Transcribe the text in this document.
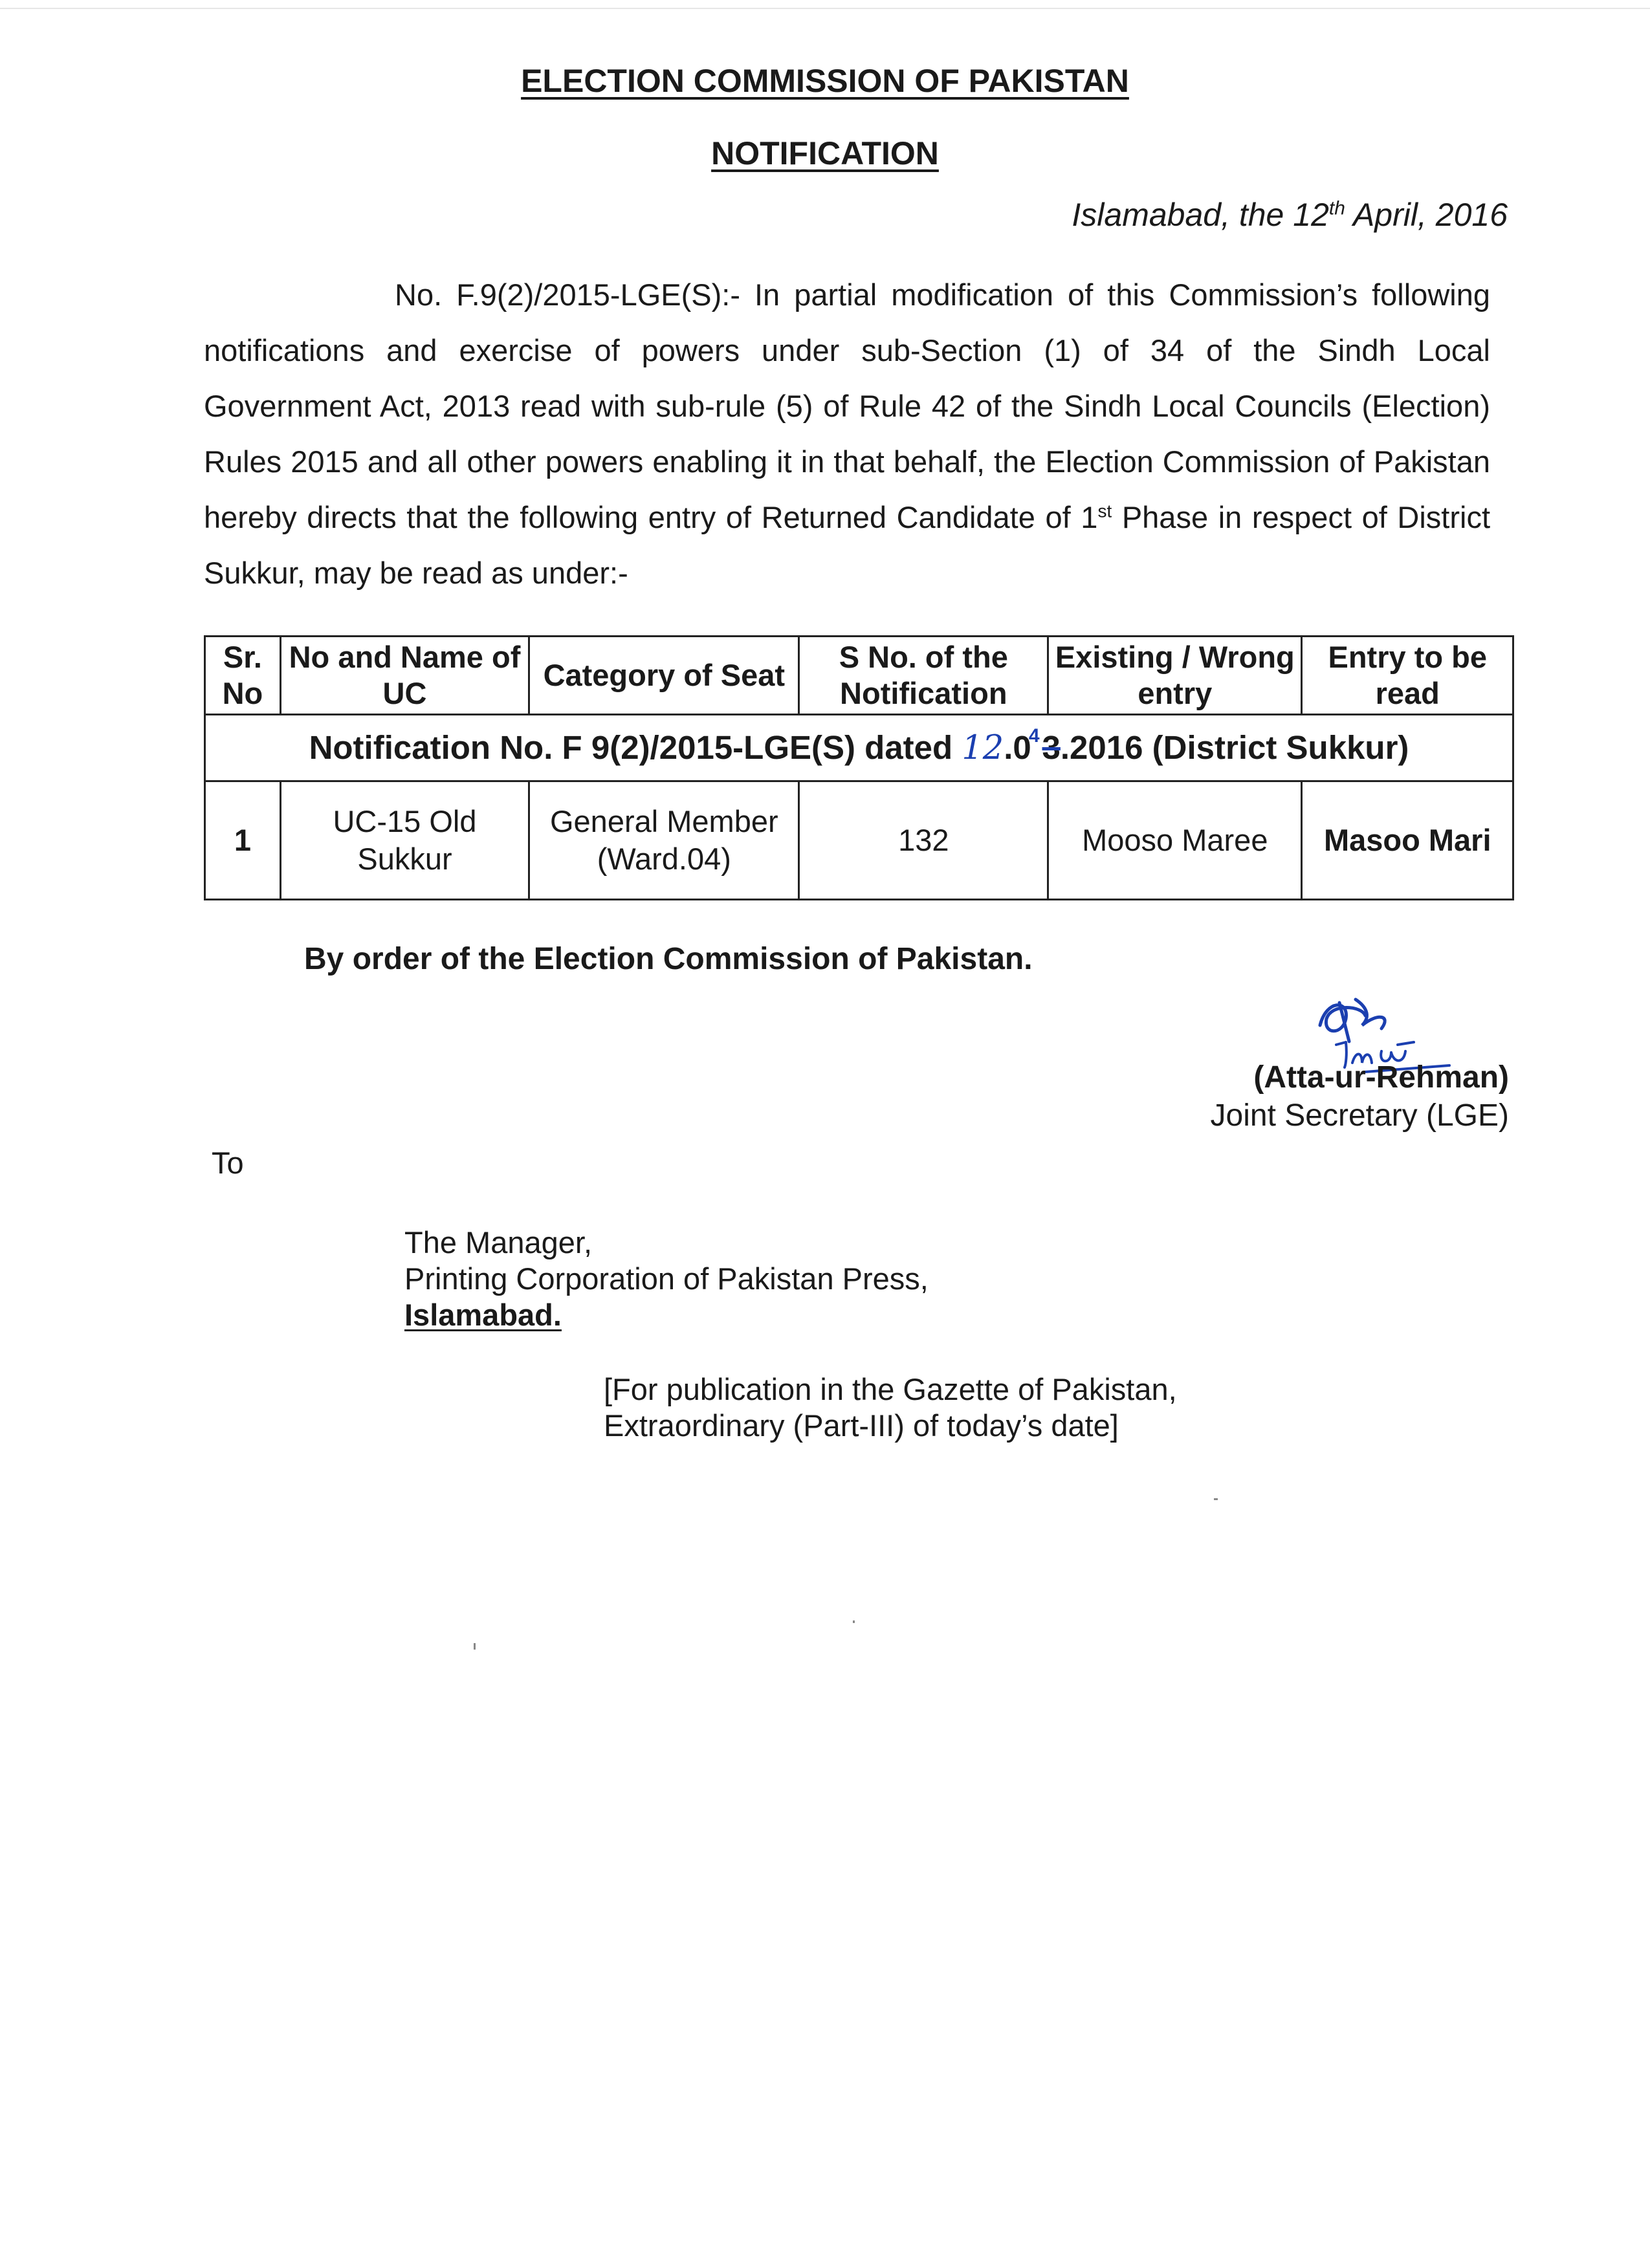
ELECTION COMMISSION OF PAKISTAN
NOTIFICATION
Islamabad, the 12th April, 2016
No. F.9(2)/2015-LGE(S):- In partial modification of this Commission’s following notifications and exercise of powers under sub-Section (1) of 34 of the Sindh Local Government Act, 2013 read with sub-rule (5) of Rule 42 of the Sindh Local Councils (Election) Rules 2015 and all other powers enabling it in that behalf, the Election Commission of Pakistan hereby directs that the following entry of Returned Candidate of 1st Phase in respect of District Sukkur, may be read as under:-
Sr. No	No and Name of UC	Category of Seat	S No. of the Notification	Existing / Wrong entry	Entry to be read
Notification No. F 9(2)/2015-LGE(S) dated 12.0$^4$3.2016 (District Sukkur)					
1	UC-15 Old Sukkur	General Member (Ward.04)	132	Mooso Maree	Masoo Mari
By order of the Election Commission of Pakistan.
(Atta-ur-Rehman)
Joint Secretary (LGE)
To
The Manager,
Printing Corporation of Pakistan Press,
Islamabad.
[For publication in the Gazette of Pakistan,
Extraordinary (Part-III) of today’s date]
